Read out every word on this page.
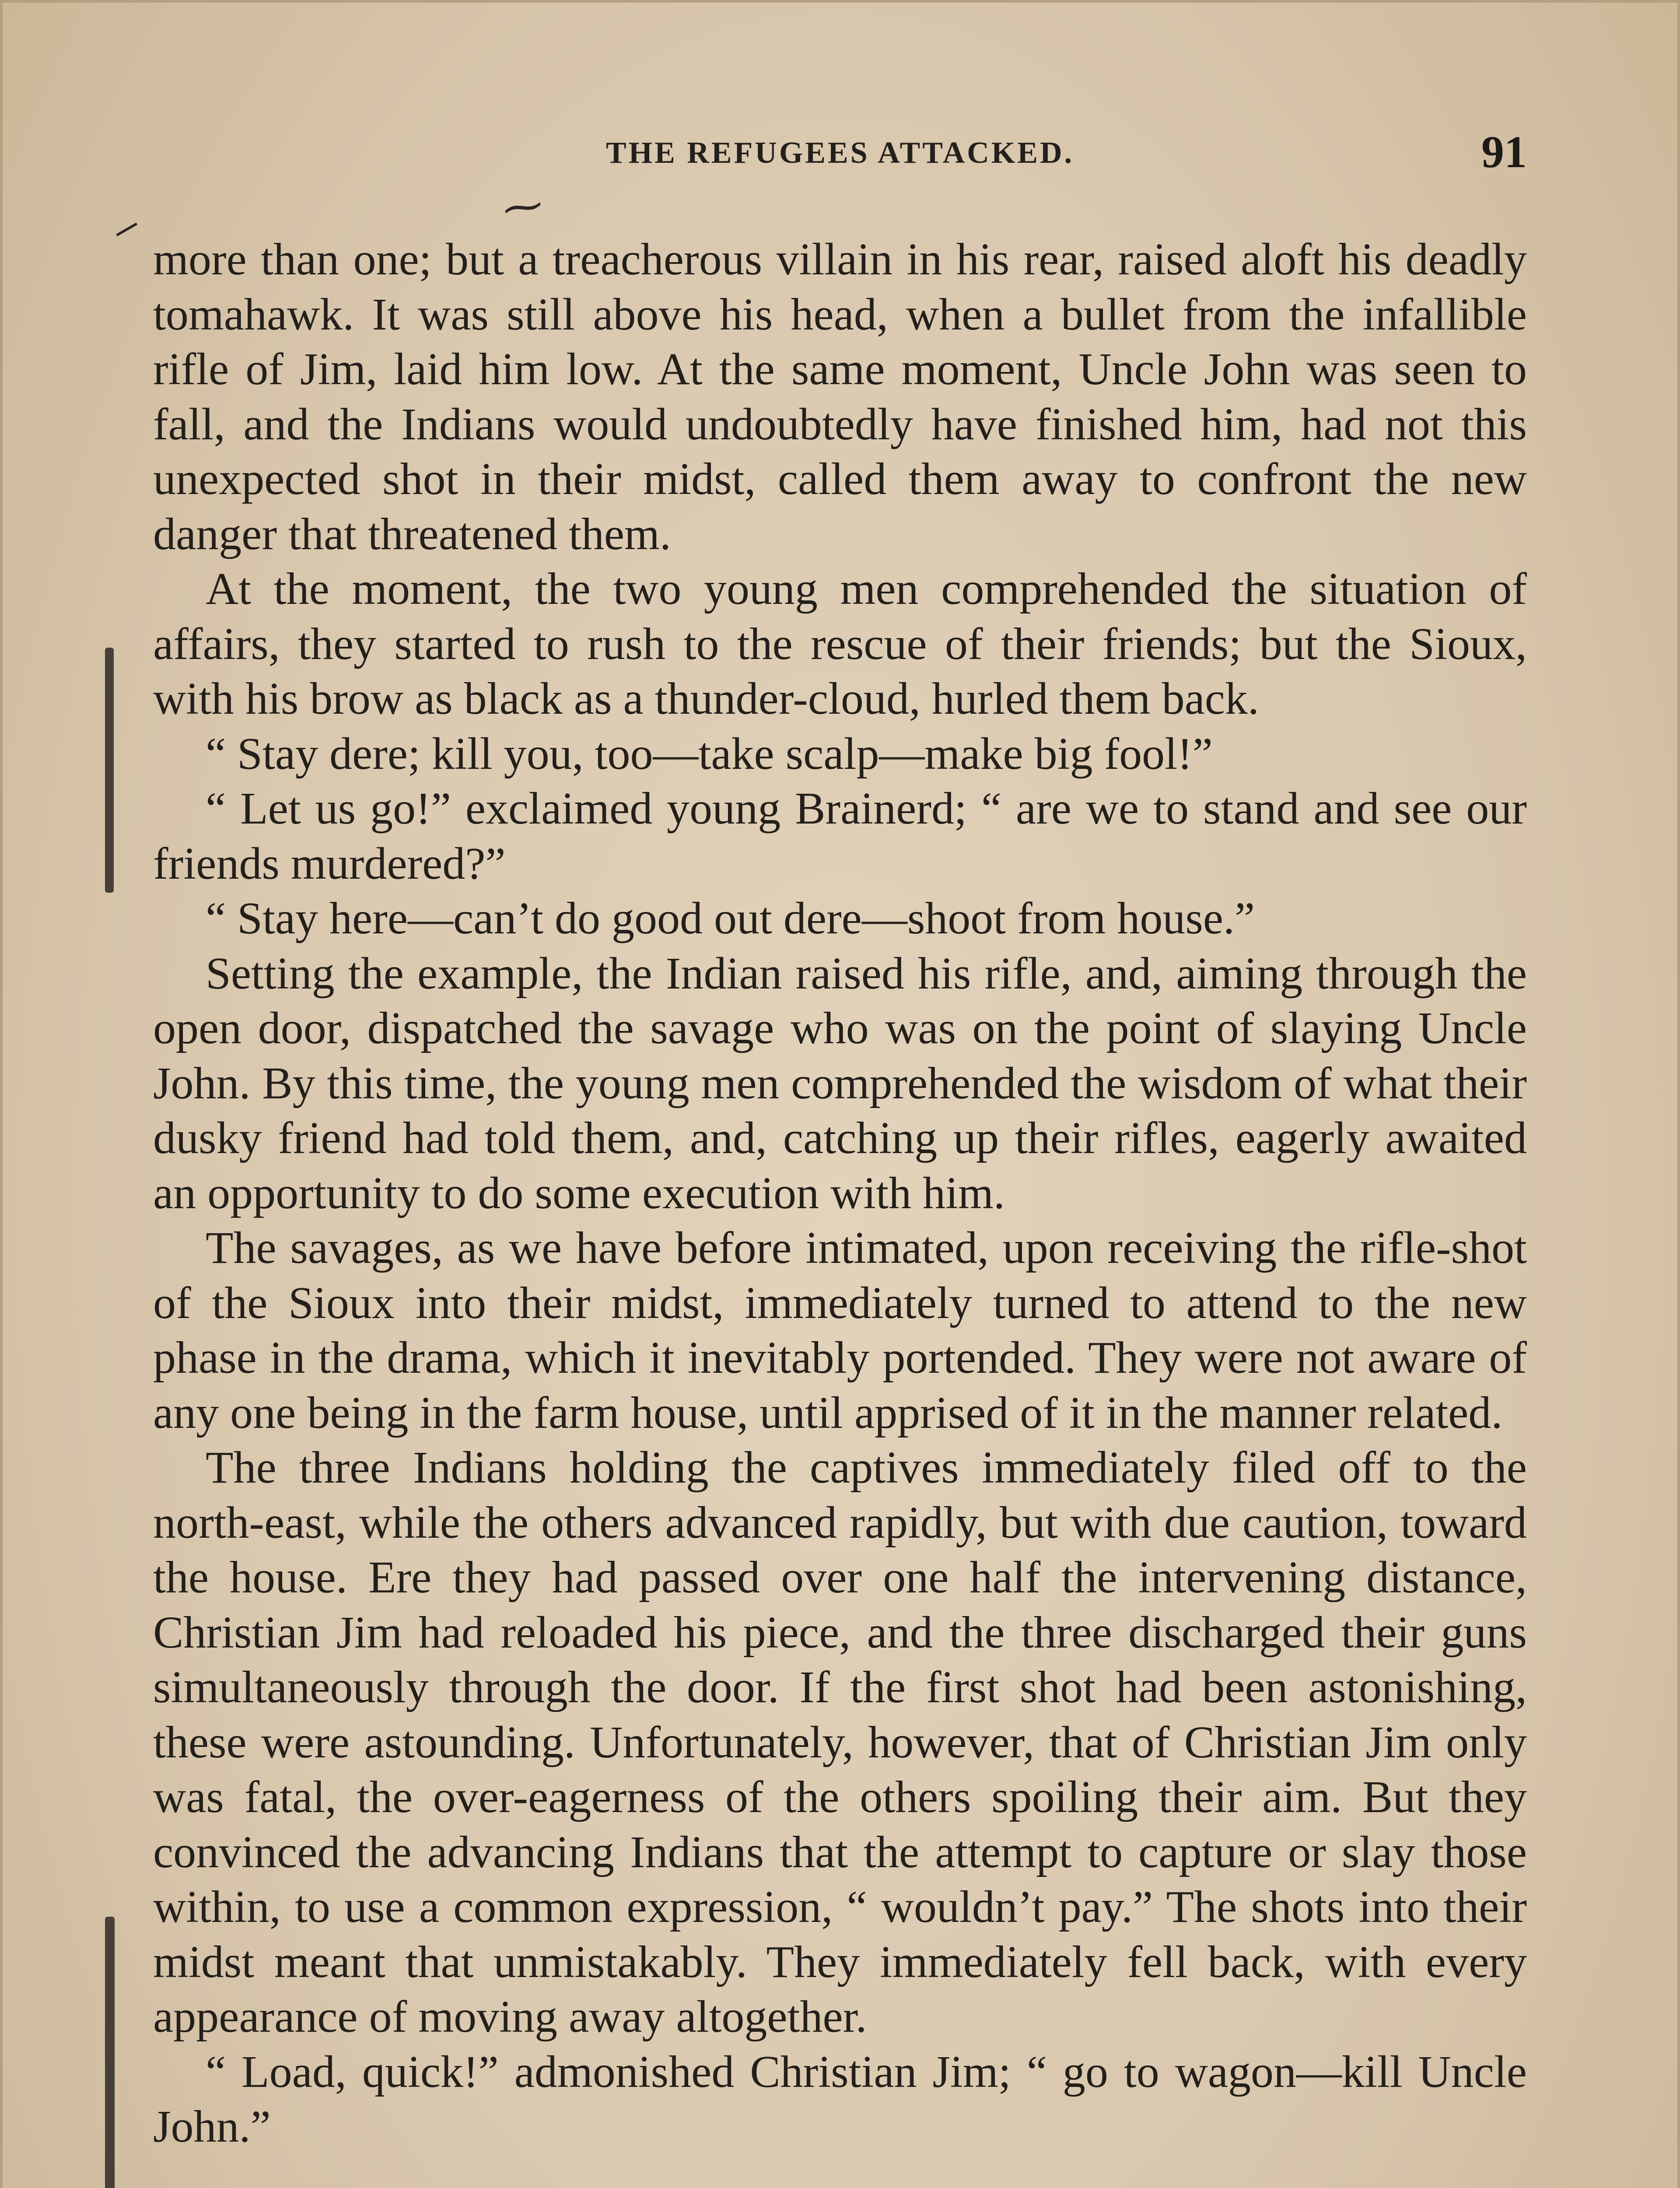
THE REFUGEES ATTACKED.	91
⸝	⁓

more than one; but a treacherous villain in his rear, raised aloft his deadly tomahawk. It was still above his head, when a bullet from the infallible rifle of Jim, laid him low. At the same moment, Uncle John was seen to fall, and the Indians would undoubtedly have finished him, had not this unexpected shot in their midst, called them away to confront the new danger that threatened them.

At the moment, the two young men comprehended the situation of affairs, they started to rush to the rescue of their friends; but the Sioux, with his brow as black as a thunder-cloud, hurled them back.

“ Stay dere; kill you, too—take scalp—make big fool!”

“ Let us go!” exclaimed young Brainerd; “ are we to stand and see our friends murdered?”

“ Stay here—can’t do good out dere—shoot from house.”

Setting the example, the Indian raised his rifle, and, aiming through the open door, dispatched the savage who was on the point of slaying Uncle John. By this time, the young men comprehended the wisdom of what their dusky friend had told them, and, catching up their rifles, eagerly awaited an opportunity to do some execution with him.

The savages, as we have before intimated, upon receiving the rifle-shot of the Sioux into their midst, immediately turned to attend to the new phase in the drama, which it inevitably portended. They were not aware of any one being in the farm house, until apprised of it in the manner related.

The three Indians holding the captives immediately filed off to the north-east, while the others advanced rapidly, but with due caution, toward the house. Ere they had passed over one half the intervening distance, Christian Jim had reloaded his piece, and the three discharged their guns simultaneously through the door. If the first shot had been astonishing, these were astounding. Unfortunately, however, that of Christian Jim only was fatal, the over-eagerness of the others spoiling their aim. But they convinced the advancing Indians that the attempt to capture or slay those within, to use a common expression, “ wouldn’t pay.” The shots into their midst meant that unmistakably. They immediately fell back, with every appearance of moving away altogether.

“ Load, quick!” admonished Christian Jim; “ go to wagon—kill Uncle John.”
